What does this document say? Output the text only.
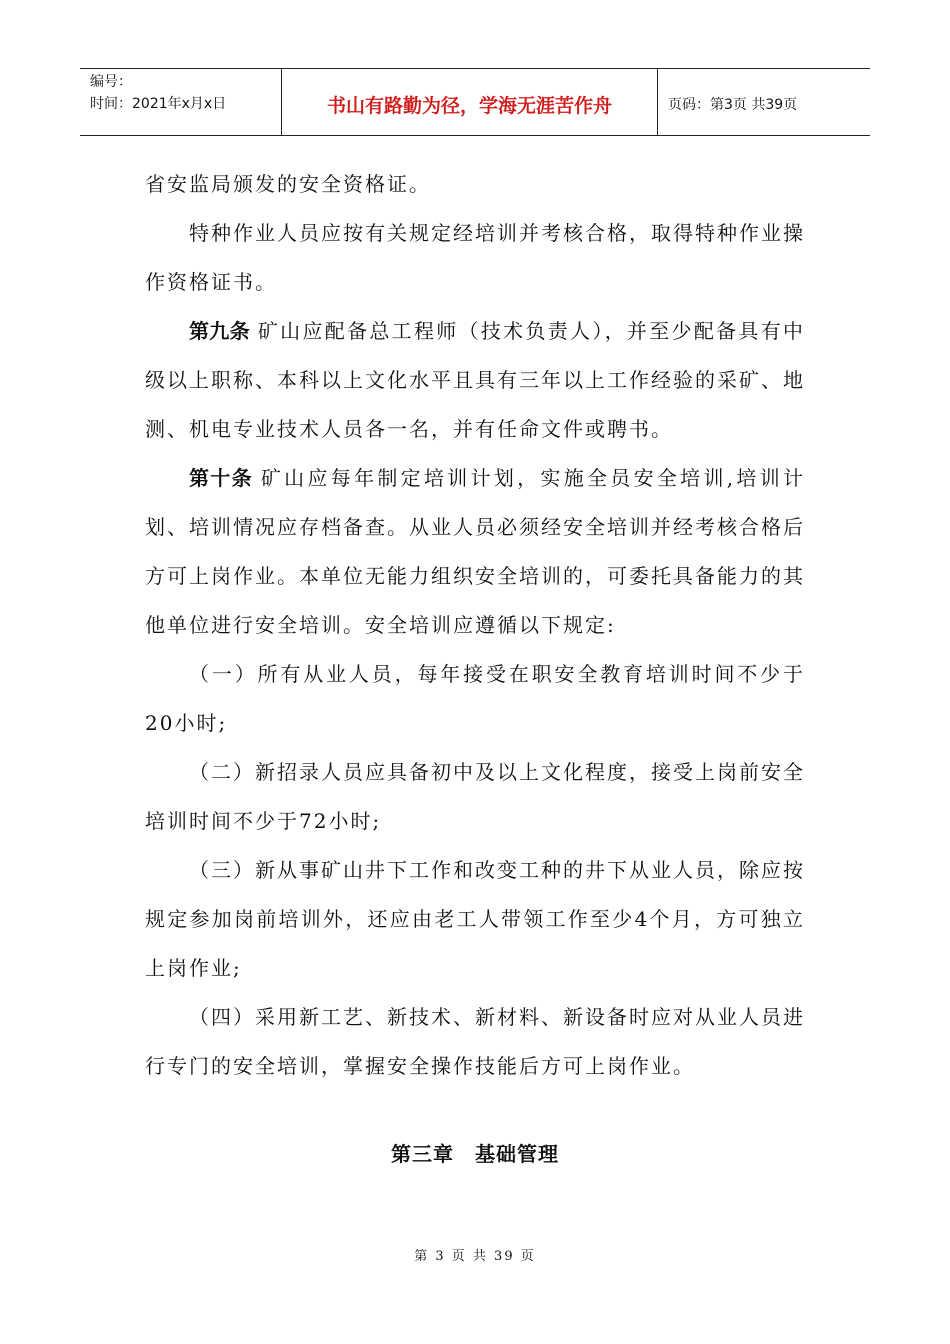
编号：
时间：2021年x月x日	书山有路勤为径，学海无涯苦作舟	页码：第3页 共39页

省安监局颁发的安全资格证。

特种作业人员应按有关规定经培训并考核合格，取得特种作业操作资格证书。

第九条 矿山应配备总工程师（技术负责人），并至少配备具有中级以上职称、本科以上文化水平且具有三年以上工作经验的采矿、地测、机电专业技术人员各一名，并有任命文件或聘书。

第十条 矿山应每年制定培训计划，实施全员安全培训,培训计划、培训情况应存档备查。从业人员必须经安全培训并经考核合格后方可上岗作业。本单位无能力组织安全培训的，可委托具备能力的其他单位进行安全培训。安全培训应遵循以下规定:

（一）所有从业人员，每年接受在职安全教育培训时间不少于20小时;

（二）新招录人员应具备初中及以上文化程度，接受上岗前安全培训时间不少于72小时;

（三）新从事矿山井下工作和改变工种的井下从业人员，除应按规定参加岗前培训外，还应由老工人带领工作至少4个月，方可独立上岗作业;

（四）采用新工艺、新技术、新材料、新设备时应对从业人员进行专门的安全培训，掌握安全操作技能后方可上岗作业。

第三章　基础管理
第 3 页 共 39 页
